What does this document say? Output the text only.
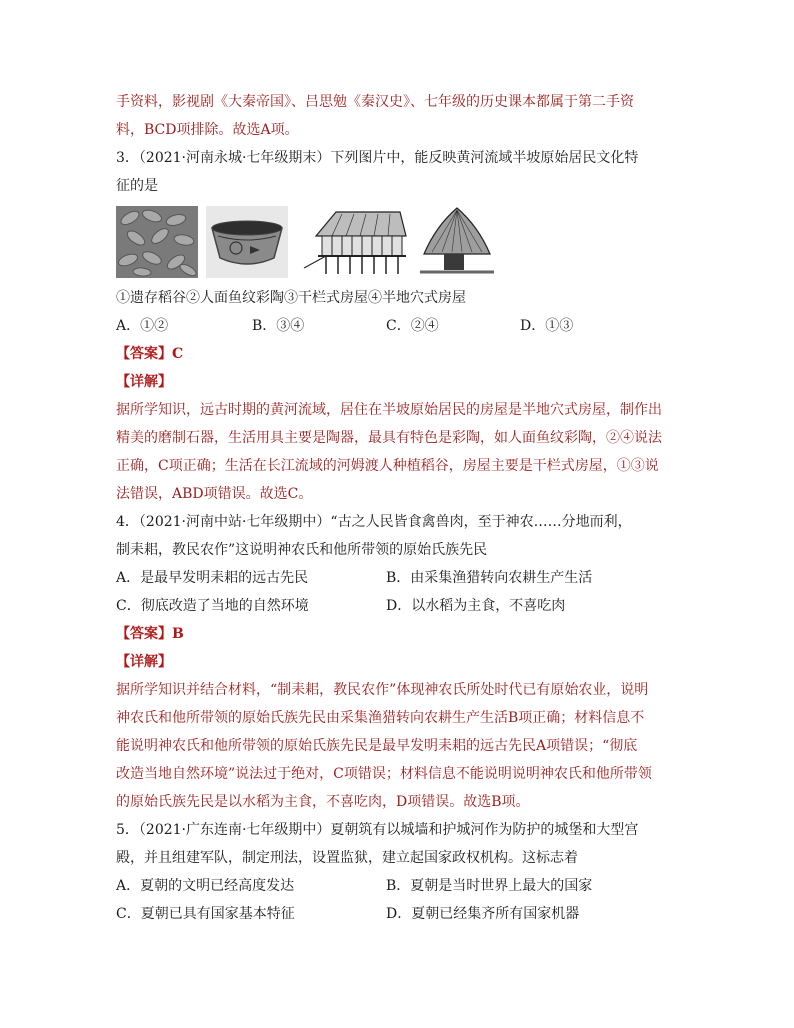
手资料，影视剧《大秦帝国》、吕思勉《秦汉史》、七年级的历史课本都属于第二手资
料，BCD项排除。故选A项。
3．（2021·河南永城·七年级期末）下列图片中，能反映黄河流域半坡原始居民文化特
征的是
①遗存稻谷②人面鱼纹彩陶③干栏式房屋④半地穴式房屋
A．①②	B．③④	C．②④	D．①③
【答案】C
【详解】
据所学知识，远古时期的黄河流域，居住在半坡原始居民的房屋是半地穴式房屋，制作出
精美的磨制石器，生活用具主要是陶器，最具有特色是彩陶，如人面鱼纹彩陶，②④说法
正确，C项正确；生活在长江流域的河姆渡人种植稻谷，房屋主要是干栏式房屋，①③说
法错误，ABD项错误。故选C。
4．（2021·河南中站·七年级期中）“古之人民皆食禽兽肉，至于神农……分地而利，
制耒耜，教民农作”这说明神农氏和他所带领的原始氏族先民
A．是最早发明耒耜的远古先民	B．由采集渔猎转向农耕生产生活
C．彻底改造了当地的自然环境	D．以水稻为主食，不喜吃肉
【答案】B
【详解】
据所学知识并结合材料，“制耒耜，教民农作”体现神农氏所处时代已有原始农业，说明
神农氏和他所带领的原始氏族先民由采集渔猎转向农耕生产生活B项正确；材料信息不
能说明神农氏和他所带领的原始氏族先民是最早发明耒耜的远古先民A项错误；“彻底
改造当地自然环境”说法过于绝对，C项错误；材料信息不能说明说明神农氏和他所带领
的原始氏族先民是以水稻为主食，不喜吃肉，D项错误。故选B项。
5．（2021·广东连南·七年级期中）夏朝筑有以城墙和护城河作为防护的城堡和大型宫
殿，并且组建军队，制定刑法，设置监狱，建立起国家政权机构。这标志着
A．夏朝的文明已经高度发达	B．夏朝是当时世界上最大的国家
C．夏朝已具有国家基本特征	D．夏朝已经集齐所有国家机器
